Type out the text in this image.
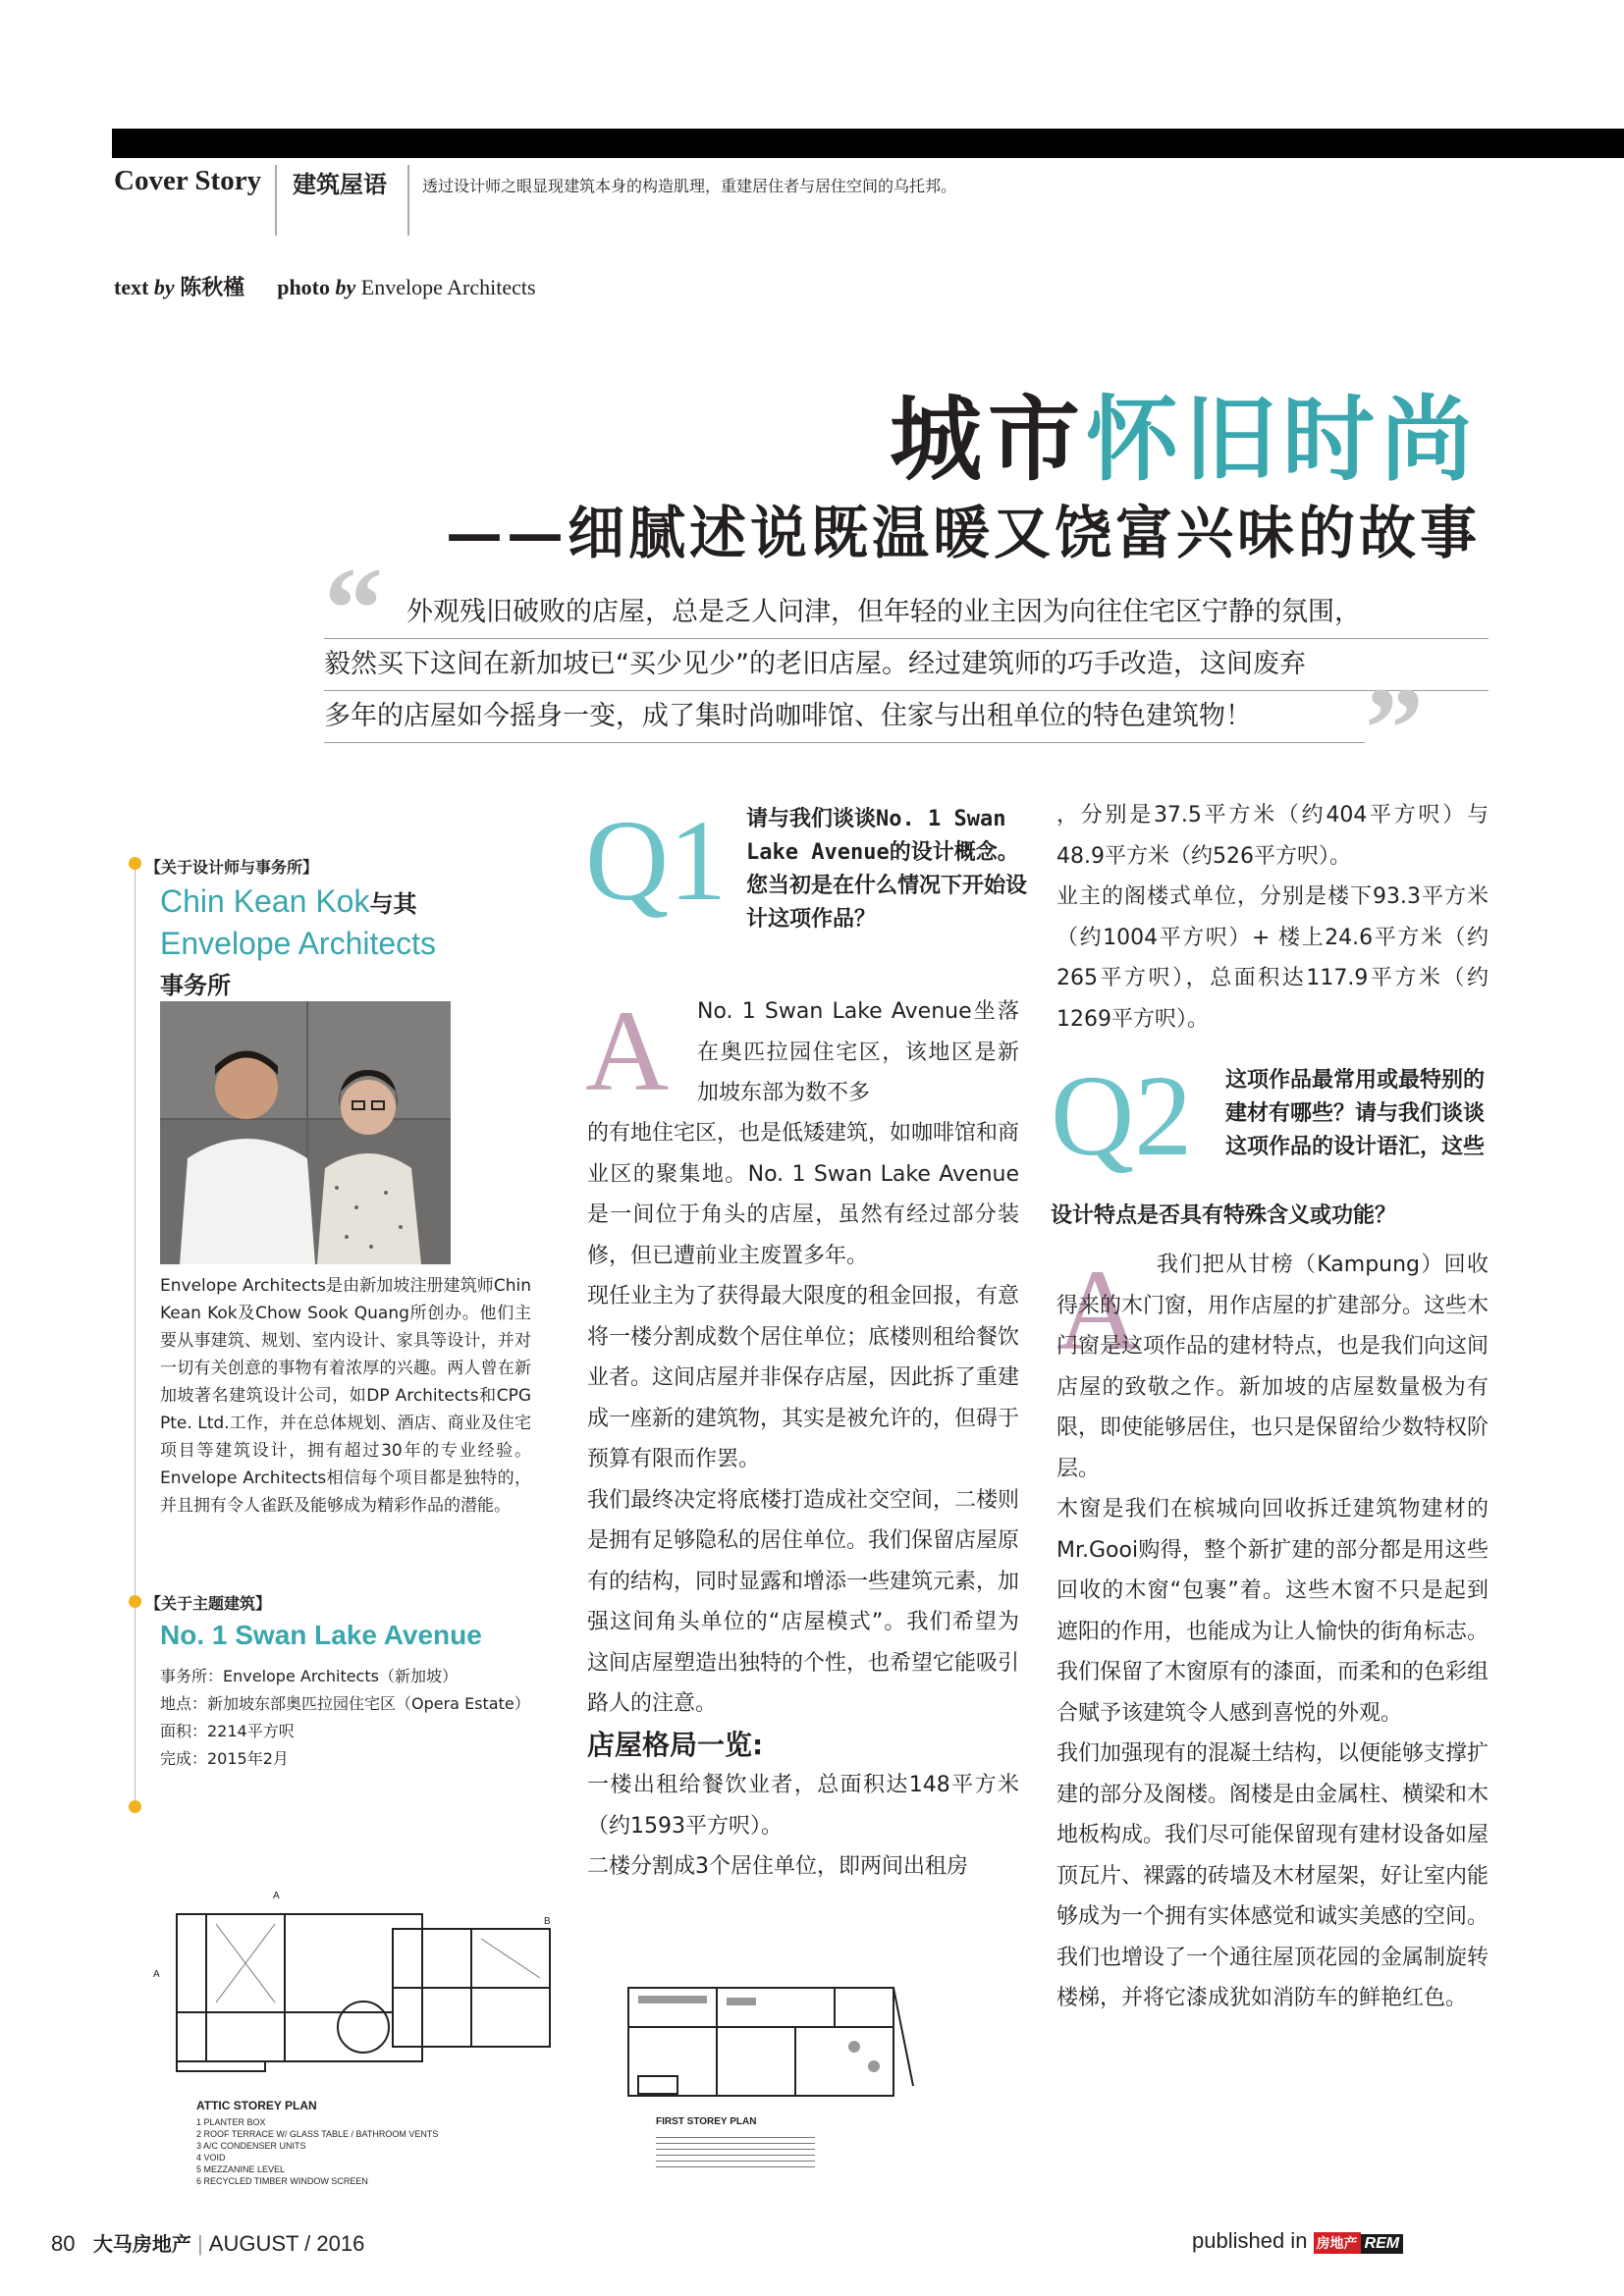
Cover Story 建筑屋语 透过设计师之眼显现建筑本身的构造肌理，重建居住者与居住空间的乌托邦。
text by 陈秋槿 photo by Envelope Architects
城市怀旧时尚
——细腻述说既温暖又饶富兴味的故事
“ 外观残旧破败的店屋，总是乏人问津，但年轻的业主因为向往住宅区宁静的氛围，
毅然买下这间在新加坡已“买少见少”的老旧店屋。经过建筑师的巧手改造，这间废弃
多年的店屋如今摇身一变，成了集时尚咖啡馆、住家与出租单位的特色建筑物！ ”
【关于设计师与事务所】
Chin Kean Kok与其
Envelope Architects
事务所
Envelope Architects是由新加坡注册建筑师Chin Kean Kok及Chow Sook Quang所创办。他们主要从事建筑、规划、室内设计、家具等设计，并对一切有关创意的事物有着浓厚的兴趣。两人曾在新加坡著名建筑设计公司，如DP Architects和CPG Pte. Ltd.工作，并在总体规划、酒店、商业及住宅项目等建筑设计，拥有超过30年的专业经验。Envelope Architects相信每个项目都是独特的，并且拥有令人雀跃及能够成为精彩作品的潜能。
【关于主题建筑】
No. 1 Swan Lake Avenue
事务所：Envelope Architects（新加坡）
地点：新加坡东部奥匹拉园住宅区（Opera Estate）
面积：2214平方呎
完成：2015年2月
A
A
B
ATTIC STOREY PLAN
1 PLANTER BOX
2 ROOF TERRACE W/ GLASS TABLE / BATHROOM VENTS
3 A/C CONDENSER UNITS
4 VOID
5 MEZZANINE LEVEL
6 RECYCLED TIMBER WINDOW SCREEN
FIRST STOREY PLAN
Q1 请与我们谈谈No. 1 Swan Lake Avenue的设计概念。您当初是在什么情况下开始设计这项作品？
A No. 1 Swan Lake Avenue坐落在奥匹拉园住宅区，该地区是新加坡东部为数不多

的有地住宅区，也是低矮建筑，如咖啡馆和商业区的聚集地。No. 1 Swan Lake Avenue是一间位于角头的店屋，虽然有经过部分装修，但已遭前业主废置多年。

现任业主为了获得最大限度的租金回报，有意将一楼分割成数个居住单位；底楼则租给餐饮业者。这间店屋并非保存店屋，因此拆了重建成一座新的建筑物，其实是被允许的，但碍于预算有限而作罢。

我们最终决定将底楼打造成社交空间，二楼则是拥有足够隐私的居住单位。我们保留店屋原有的结构，同时显露和增添一些建筑元素，加强这间角头单位的“店屋模式”。我们希望为这间店屋塑造出独特的个性，也希望它能吸引路人的注意。

店屋格局一览:

一楼出租给餐饮业者，总面积达148平方米（约1593平方呎）。

二楼分割成3个居住单位，即两间出租房

，分别是37.5平方米（约404平方呎）与48.9平方米（约526平方呎）。

业主的阁楼式单位，分别是楼下93.3平方米（约1004平方呎）+ 楼上24.6平方米（约265平方呎），总面积达117.9平方米（约1269平方呎）。

Q2 这项作品最常用或最特别的建材有哪些？请与我们谈谈这项作品的设计语汇，这些
设计特点是否具有特殊含义或功能？
A 我们把从甘榜（Kampung）回收得来的木门窗，用作店屋的扩建部分。这些木门窗是这项作品的建材特点，也是我们向这间店屋的致敬之作。新加坡的店屋数量极为有限，即使能够居住，也只是保留给少数特权阶层。

木窗是我们在槟城向回收拆迁建筑物建材的Mr.Gooi购得，整个新扩建的部分都是用这些回收的木窗“包裹”着。这些木窗不只是起到遮阳的作用，也能成为让人愉快的街角标志。我们保留了木窗原有的漆面，而柔和的色彩组合赋予该建筑令人感到喜悦的外观。

我们加强现有的混凝土结构，以便能够支撑扩建的部分及阁楼。阁楼是由金属柱、横梁和木地板构成。我们尽可能保留现有建材设备如屋顶瓦片、裸露的砖墙及木材屋架，好让室内能够成为一个拥有实体感觉和诚实美感的空间。

我们也增设了一个通往屋顶花园的金属制旋转楼梯，并将它漆成犹如消防车的鲜艳红色。

80 大马房地产 | AUGUST / 2016	published in 房地产 REM
